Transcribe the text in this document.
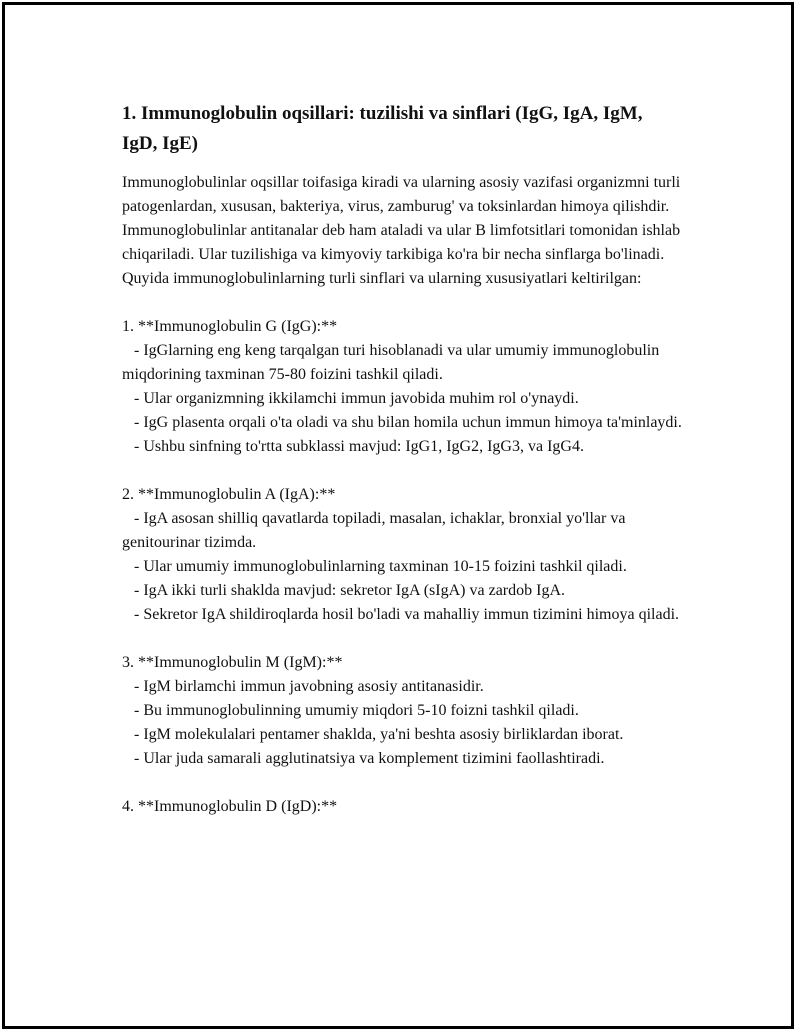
1. Immunoglobulin oqsillari: tuzilishi va sinflari (IgG, IgA, IgM, IgD, IgE)

Immunoglobulinlar oqsillar toifasiga kiradi va ularning asosiy vazifasi organizmni turli patogenlardan, xususan, bakteriya, virus, zamburug' va toksinlardan himoya qilishdir. Immunoglobulinlar antitanalar deb ham ataladi va ular B limfotsitlari tomonidan ishlab chiqariladi. Ular tuzilishiga va kimyoviy tarkibiga ko'ra bir necha sinflarga bo'linadi. Quyida immunoglobulinlarning turli sinflari va ularning xususiyatlari keltirilgan:

1. **Immunoglobulin G (IgG):**

- IgGlarning eng keng tarqalgan turi hisoblanadi va ular umumiy immunoglobulin miqdorining taxminan 75-80 foizini tashkil qiladi.

- Ular organizmning ikkilamchi immun javobida muhim rol o'ynaydi.

- IgG plasenta orqali o'ta oladi va shu bilan homila uchun immun himoya ta'minlaydi.

- Ushbu sinfning to'rtta subklassi mavjud: IgG1, IgG2, IgG3, va IgG4.

2. **Immunoglobulin A (IgA):**

- IgA asosan shilliq qavatlarda topiladi, masalan, ichaklar, bronxial yo'llar va genitourinar tizimda.

- Ular umumiy immunoglobulinlarning taxminan 10-15 foizini tashkil qiladi.

- IgA ikki turli shaklda mavjud: sekretor IgA (sIgA) va zardob IgA.

- Sekretor IgA shildiroqlarda hosil bo'ladi va mahalliy immun tizimini himoya qiladi.

3. **Immunoglobulin M (IgM):**

- IgM birlamchi immun javobning asosiy antitanasidir.

- Bu immunoglobulinning umumiy miqdori 5-10 foizni tashkil qiladi.

- IgM molekulalari pentamer shaklda, ya'ni beshta asosiy birliklardan iborat.

- Ular juda samarali agglutinatsiya va komplement tizimini faollashtiradi.

4. **Immunoglobulin D (IgD):**
